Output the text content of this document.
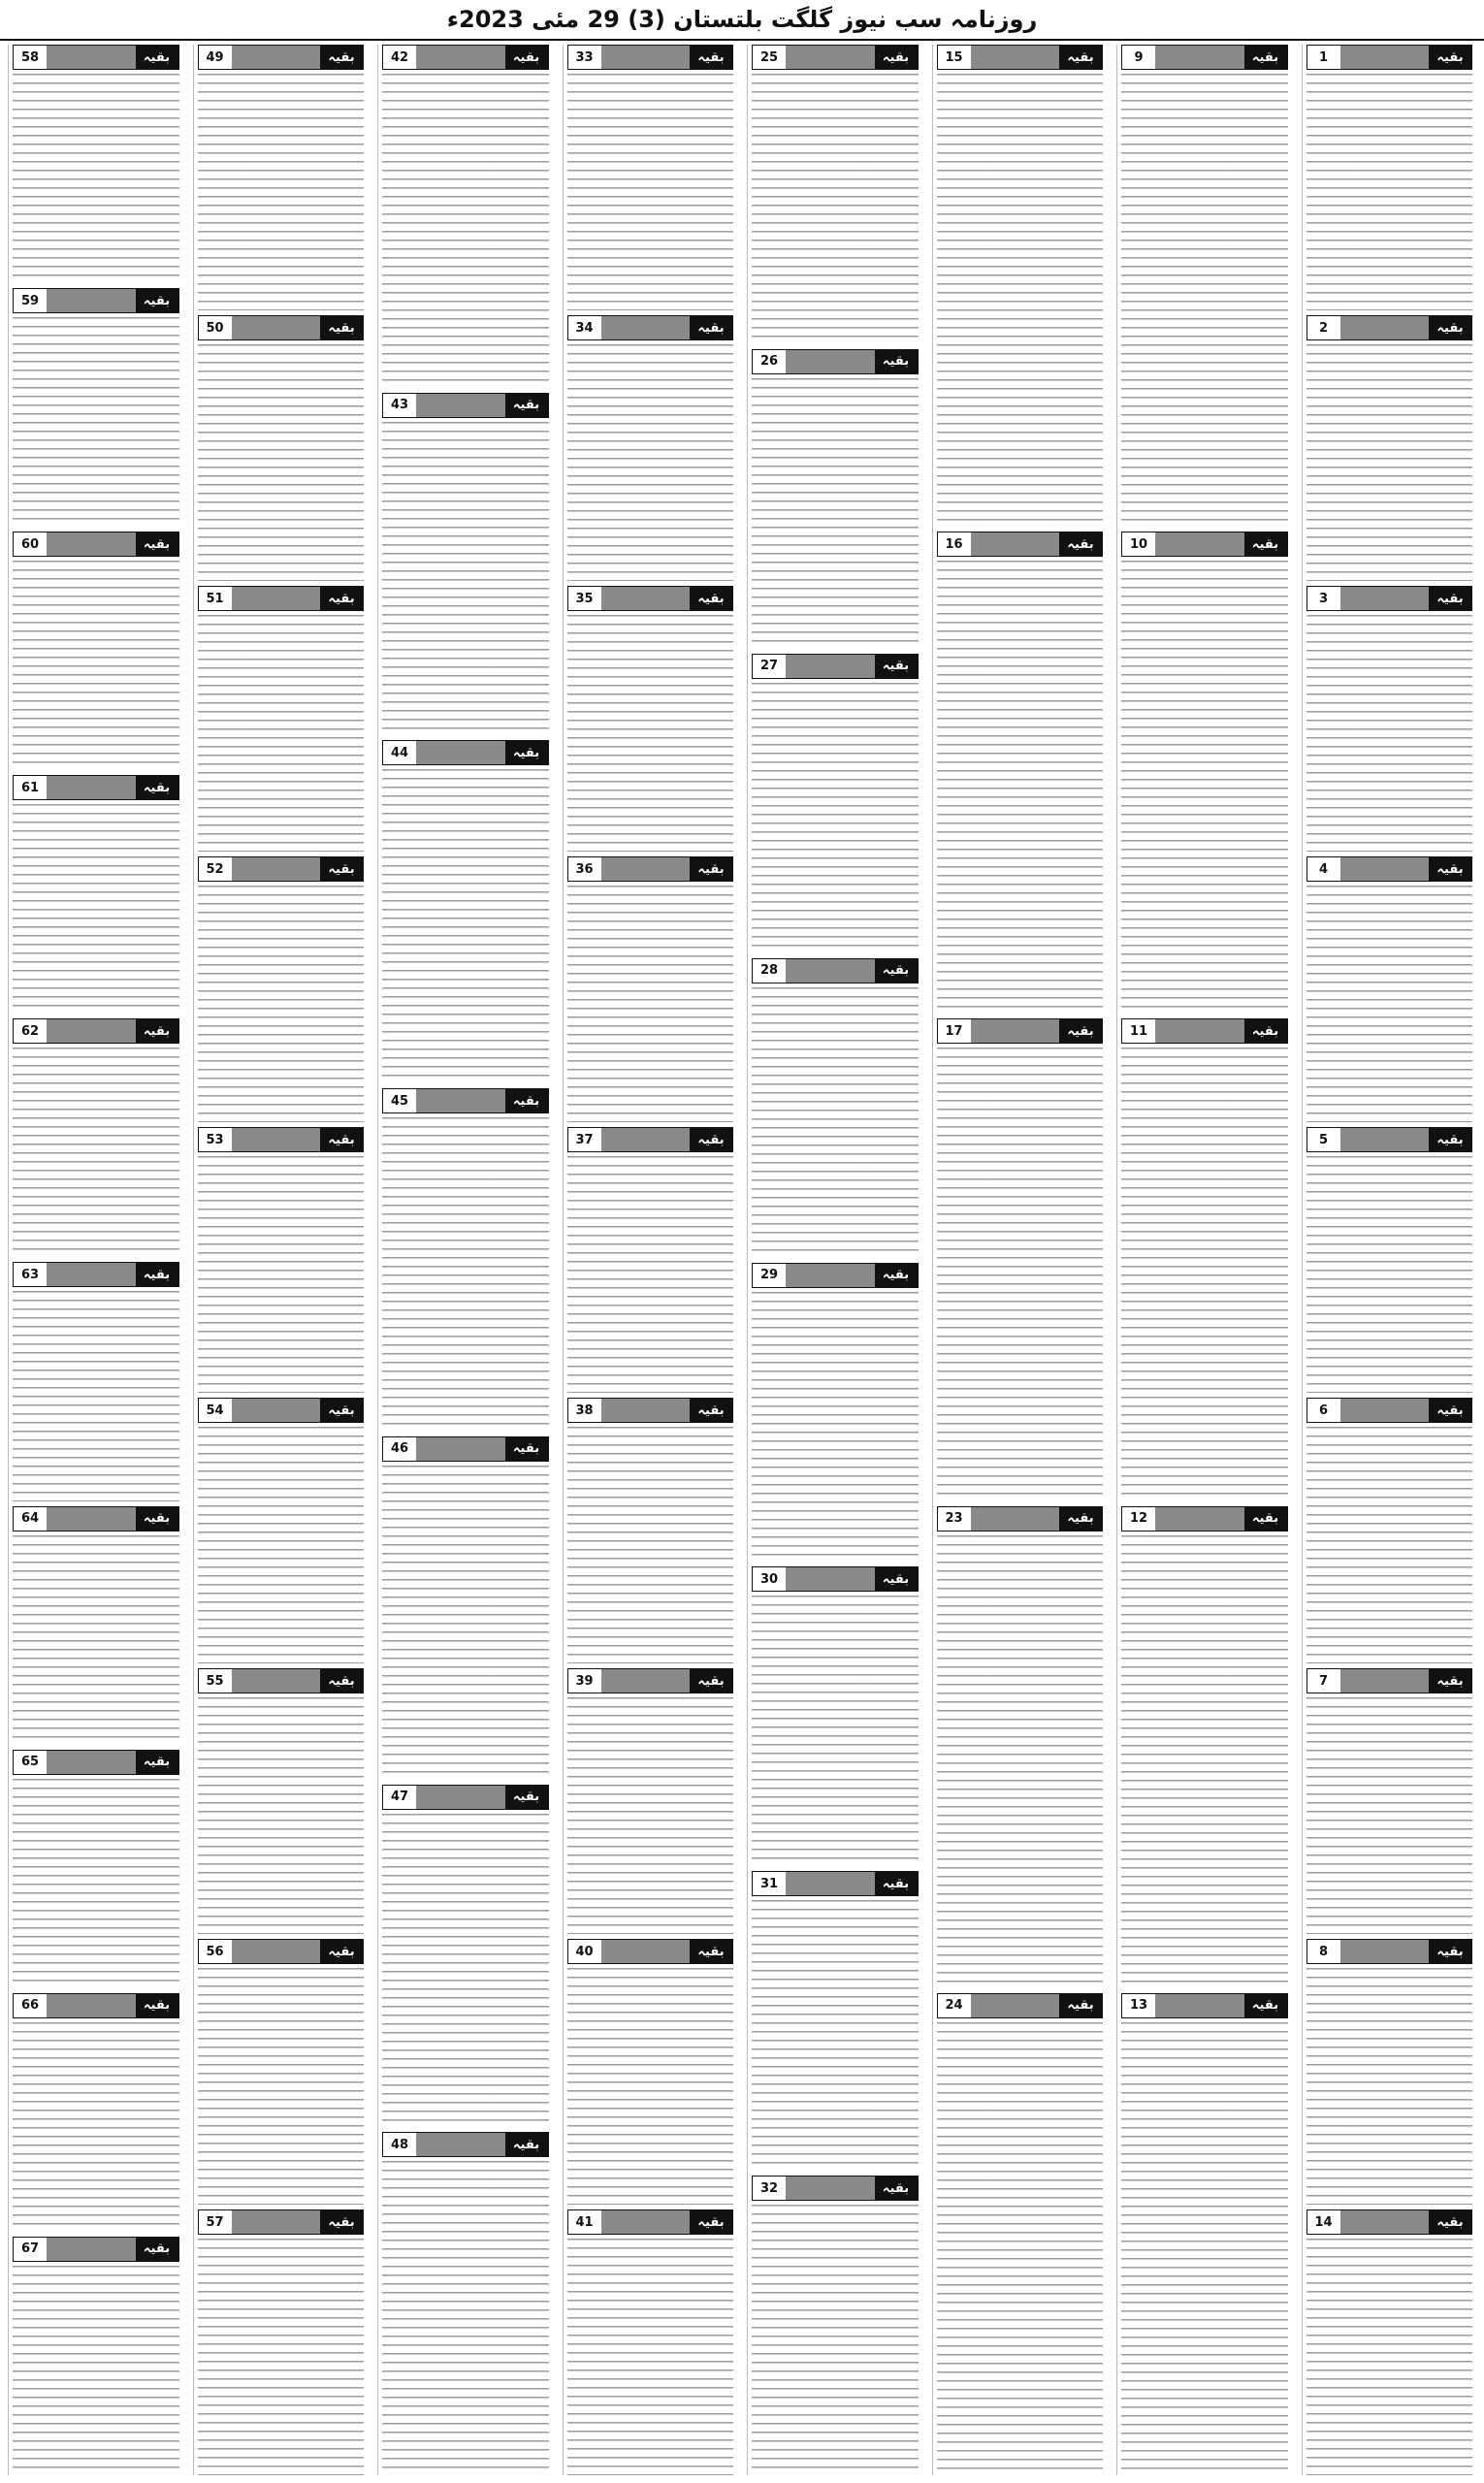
روزنامہ سب نیوز گلگت بلتستان (3) 29 مئی 2023ء
بقیہ
1
بقیہ
2
بقیہ
3
بقیہ
4
بقیہ
5
بقیہ
6
بقیہ
7
بقیہ
8
بقیہ
14
بقیہ
9
بقیہ
10
بقیہ
11
بقیہ
12
بقیہ
13
بقیہ
15
بقیہ
16
بقیہ
17
بقیہ
23
بقیہ
24
بقیہ
25
بقیہ
26
بقیہ
27
بقیہ
28
بقیہ
29
بقیہ
30
بقیہ
31
بقیہ
32
بقیہ
33
بقیہ
34
بقیہ
35
بقیہ
36
بقیہ
37
بقیہ
38
بقیہ
39
بقیہ
40
بقیہ
41
بقیہ
42
بقیہ
43
بقیہ
44
بقیہ
45
بقیہ
46
بقیہ
47
بقیہ
48
بقیہ
49
بقیہ
50
بقیہ
51
بقیہ
52
بقیہ
53
بقیہ
54
بقیہ
55
بقیہ
56
بقیہ
57
بقیہ
58
بقیہ
59
بقیہ
60
بقیہ
61
بقیہ
62
بقیہ
63
بقیہ
64
بقیہ
65
بقیہ
66
بقیہ
67
